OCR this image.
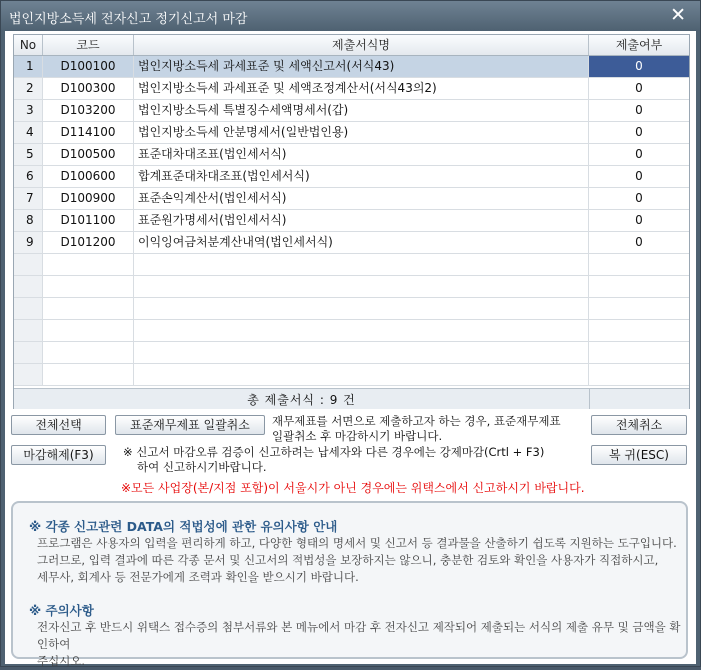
법인지방소득세 전자신고 정기신고서 마감	✕
No	코드	제출서식명	제출여부
1	D100100	법인지방소득세 과세표준 및 세액신고서(서식43)	0
2	D100300	법인지방소득세 과세표준 및 세액조정계산서(서식43의2)	0
3	D103200	법인지방소득세 특별징수세액명세서(갑)	0
4	D114100	법인지방소득세 안분명세서(일반법인용)	0
5	D100500	표준대차대조표(법인세서식)	0
6	D100600	합계표준대차대조표(법인세서식)	0
7	D100900	표준손익계산서(법인세서식)	0
8	D101100	표준원가명세서(법인세서식)	0
9	D101200	이익잉여금처분계산내역(법인세서식)	0
총 제출서식 : 9 건
전체선택	표준재무제표 일괄취소	재무제표를 서면으로 제출하고자 하는 경우, 표준재무제표
일괄취소 후 마감하시기 바랍니다.
전체취소
마감해제(F3)	※ 신고서 마감오류 검증이 신고하려는 납세자와 다른 경우에는 강제마감(Crtl + F3)
하여 신고하시기바랍니다.
복 귀(ESC)
※모든 사업장(본/지점 포함)이 서울시가 아닌 경우에는 위택스에서 신고하시기 바랍니다.
※ 각종 신고관련 DATA의 적법성에 관한 유의사항 안내
프로그램은 사용자의 입력을 편리하게 하고, 다양한 형태의 명세서 및 신고서 등 결과물을 산출하기 쉽도록 지원하는 도구입니다.
그러므로, 입력 결과에 따른 각종 문서 및 신고서의 적법성을 보장하지는 않으니, 충분한 검토와 확인을 사용자가 직접하시고,
세무사, 회계사 등 전문가에게 조력과 확인을 받으시기 바랍니다.
※ 주의사항
전자신고 후 반드시 위택스 접수증의 첨부서류와 본 메뉴에서 마감 후 전자신고 제작되어 제출되는 서식의 제출 유무 및 금액을 확인하여
주십시오.
